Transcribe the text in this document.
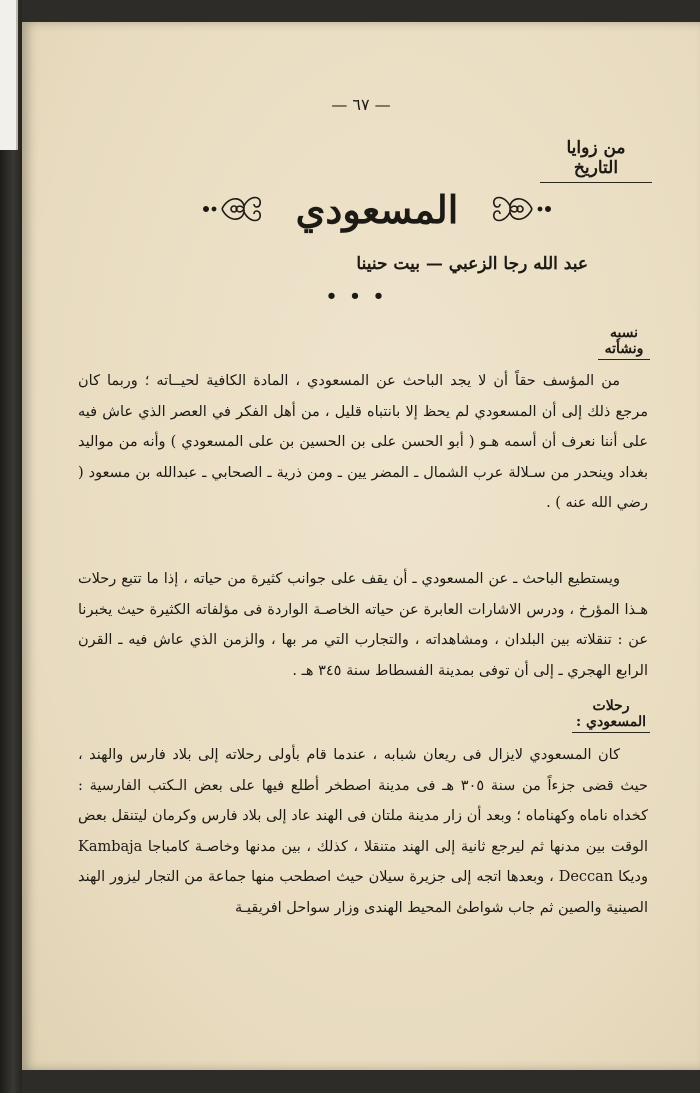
— ٦٧ —
من زوايا التاريخ
المسعودي
عبد الله رجا الزعبي — بيت حنينا
•••
نسبه ونشأته

من المؤسف حقاً أن لا يجد الباحث عن المسعودي ، المادة الكافية لحيــاته ؛ وربما كان مرجع ذلك إلى أن المسعودي لم يحظ إلا بانتباه قليل ، من أهل الفكر في العصر الذي عاش فيه على أننا نعرف أن أسمه هـو ( أبو الحسن على بن الحسين بن على المسعودي ) وأنه من مواليد بغداد وينحدر من سـلالة عرب الشمال ـ المضر يين ـ ومن ذرية ـ الصحابي ـ عبدالله بن مسعود ( رضي الله عنه ) .

ويستطيع الباحث ـ عن المسعودي ـ أن يقف على جوانب كثيرة من حياته ، إذا ما تتبع رحلات هـذا المؤرخ ، ودرس الاشارات العابرة عن حياته الخاصـة الواردة فى مؤلفاته الكثيرة حيث يخبرنا عن : تنقلاته بين البلدان ، ومشاهداته ، والتجارب التي مر بها ، والزمن الذي عاش فيه ـ القرن الرابع الهجري ـ إلى أن توفى بمدينة الفسطاط سنة ٣٤٥ هـ .

رحلات المسعودي :

كان المسعودي لايزال فى ريعان شبابه ، عندما قام بأولى رحلاته إلى بلاد فارس والهند ، حيث قضى جزءاً من سنة ٣٠٥ هـ فى مدينة اصطخر أطلع فيها على بعض الـكتب الفارسية : كخداه ناماه وكهناماه ؛ وبعد أن زار مدينة ملتان فى الهند عاد إلى بلاد فارس وكرمان ليتنقل بعض الوقت بين مدنها ثم ليرجع ثانية إلى الهند متنقلا ، كذلك ، بين مدنها وخاصـة كامباجا Kambaja وديكا Deccan ، وبعدها اتجه إلى جزيرة سيلان حيث اصطحب منها جماعة من التجار ليزور الهند الصينية والصين ثم جاب شواطئ المحيط الهندى وزار سواحل افريقيـة
